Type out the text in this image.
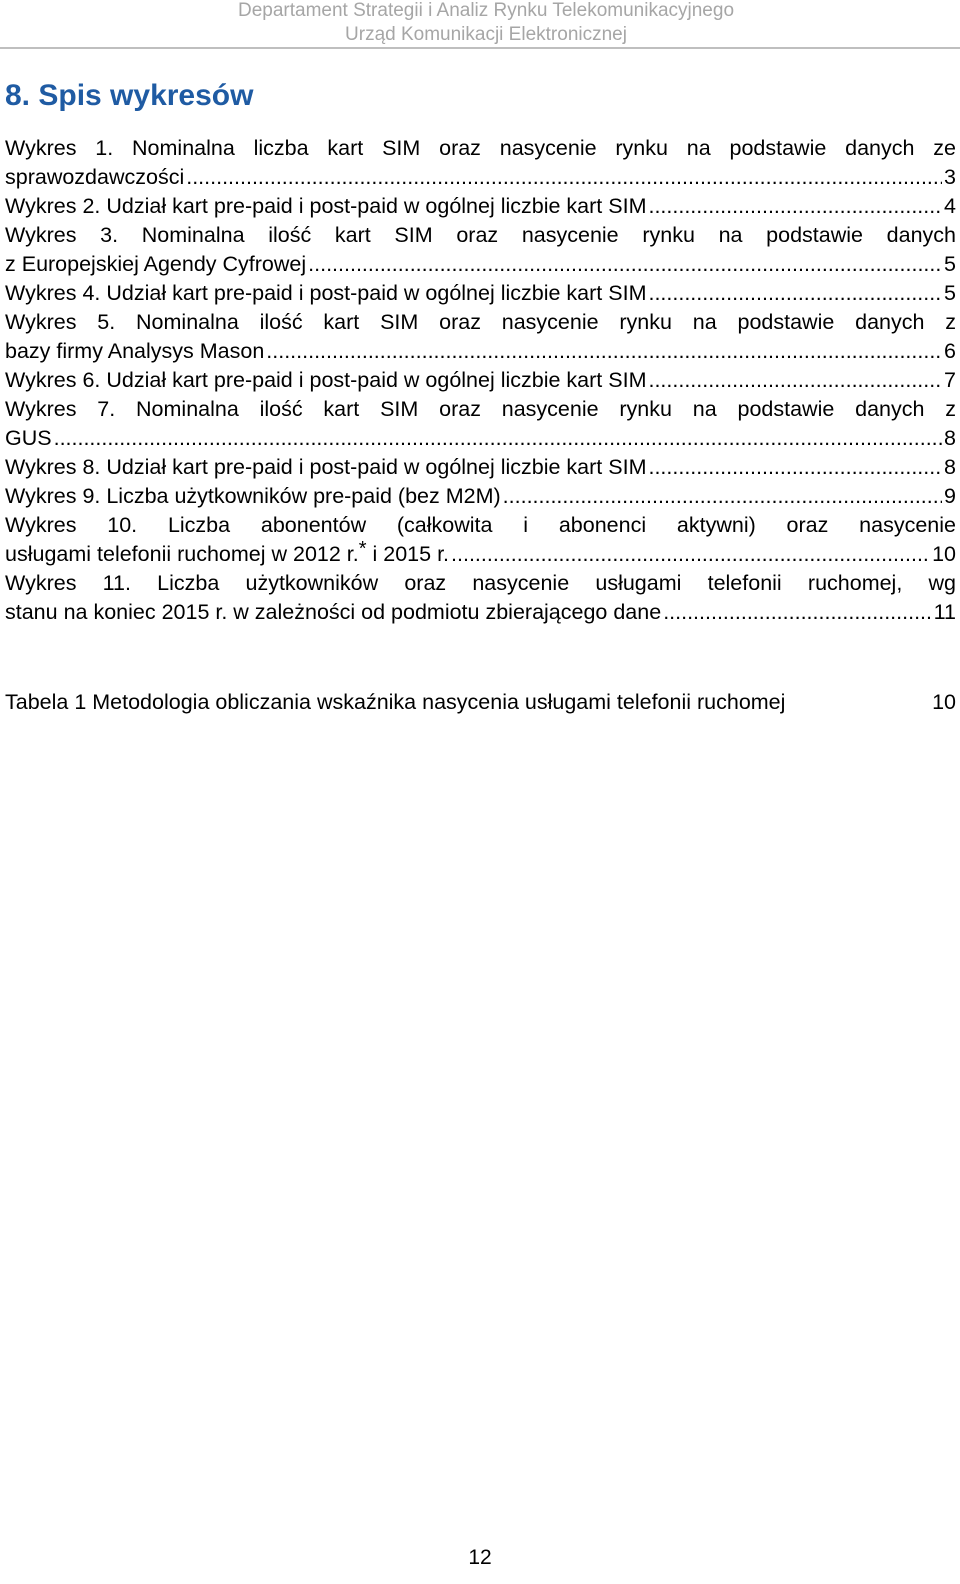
Departament Strategii i Analiz Rynku Telekomunikacyjnego
Urząd Komunikacji Elektronicznej
8. Spis wykresów
Wykres 1. Nominalna liczba kart SIM oraz nasycenie rynku na podstawie danych ze
sprawozdawczości .....	3
Wykres 2. Udział kart pre-paid i post-paid w ogólnej liczbie kart SIM .....	4
Wykres 3. Nominalna ilość kart SIM oraz nasycenie rynku na podstawie danych
z Europejskiej Agendy Cyfrowej .....	5
Wykres 4. Udział kart pre-paid i post-paid w ogólnej liczbie kart SIM .....	5
Wykres 5. Nominalna ilość kart SIM oraz nasycenie rynku na podstawie danych z
bazy firmy Analysys Mason .....	6
Wykres 6. Udział kart pre-paid i post-paid w ogólnej liczbie kart SIM .....	7
Wykres 7. Nominalna ilość kart SIM oraz nasycenie rynku na podstawie danych z
GUS .....	8
Wykres 8. Udział kart pre-paid i post-paid w ogólnej liczbie kart SIM .....	8
Wykres 9. Liczba użytkowników pre-paid (bez M2M) .....	9
Wykres 10. Liczba abonentów (całkowita i abonenci aktywni) oraz nasycenie
usługami telefonii ruchomej w 2012 r.* i 2015 r. .....	10
Wykres 11. Liczba użytkowników oraz nasycenie usługami telefonii ruchomej, wg
stanu na koniec 2015 r. w zależności od podmiotu zbierającego dane .....	11
Tabela 1 Metodologia obliczania wskaźnika nasycenia usługami telefonii ruchomej	10
12
